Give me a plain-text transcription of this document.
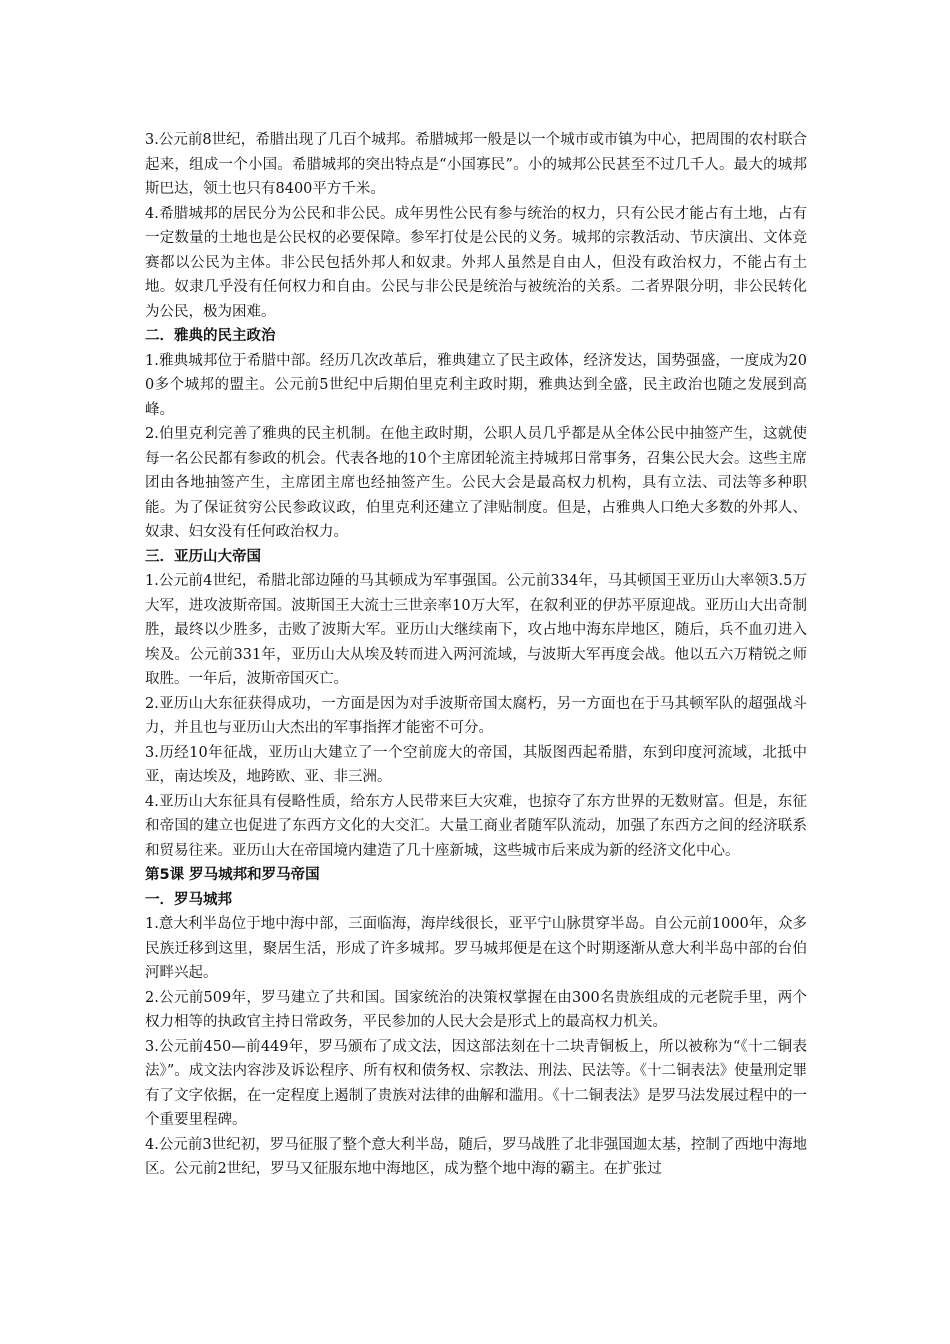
3.公元前8世纪，希腊出现了几百个城邦。希腊城邦一般是以一个城市或市镇为中心，把周围的农村联合起来，组成一个小国。希腊城邦的突出特点是“小国寡民”。小的城邦公民甚至不过几千人。最大的城邦斯巴达，领土也只有8400平方千米。

4.希腊城邦的居民分为公民和非公民。成年男性公民有参与统治的权力，只有公民才能占有土地，占有一定数量的土地也是公民权的必要保障。参军打仗是公民的义务。城邦的宗教活动、节庆演出、文体竞赛都以公民为主体。非公民包括外邦人和奴隶。外邦人虽然是自由人，但没有政治权力，不能占有土地。奴隶几乎没有任何权力和自由。公民与非公民是统治与被统治的关系。二者界限分明，非公民转化为公民，极为困难。

二．雅典的民主政治

1.雅典城邦位于希腊中部。经历几次改革后，雅典建立了民主政体，经济发达，国势强盛，一度成为200多个城邦的盟主。公元前5世纪中后期伯里克利主政时期，雅典达到全盛，民主政治也随之发展到高峰。

2.伯里克利完善了雅典的民主机制。在他主政时期，公职人员几乎都是从全体公民中抽签产生，这就使每一名公民都有参政的机会。代表各地的10个主席团轮流主持城邦日常事务，召集公民大会。这些主席团由各地抽签产生，主席团主席也经抽签产生。公民大会是最高权力机构，具有立法、司法等多种职能。为了保证贫穷公民参政议政，伯里克利还建立了津贴制度。但是，占雅典人口绝大多数的外邦人、奴隶、妇女没有任何政治权力。

三．亚历山大帝国

1.公元前4世纪，希腊北部边陲的马其顿成为军事强国。公元前334年，马其顿国王亚历山大率领3.5万大军，进攻波斯帝国。波斯国王大流士三世亲率10万大军，在叙利亚的伊苏平原迎战。亚历山大出奇制胜，最终以少胜多，击败了波斯大军。亚历山大继续南下，攻占地中海东岸地区，随后，兵不血刃进入埃及。公元前331年，亚历山大从埃及转而进入两河流域，与波斯大军再度会战。他以五六万精锐之师取胜。一年后，波斯帝国灭亡。

2.亚历山大东征获得成功，一方面是因为对手波斯帝国太腐朽，另一方面也在于马其顿军队的超强战斗力，并且也与亚历山大杰出的军事指挥才能密不可分。

3.历经10年征战，亚历山大建立了一个空前庞大的帝国，其版图西起希腊，东到印度河流域，北抵中亚，南达埃及，地跨欧、亚、非三洲。

4.亚历山大东征具有侵略性质，给东方人民带来巨大灾难，也掠夺了东方世界的无数财富。但是，东征和帝国的建立也促进了东西方文化的大交汇。大量工商业者随军队流动，加强了东西方之间的经济联系和贸易往来。亚历山大在帝国境内建造了几十座新城，这些城市后来成为新的经济文化中心。

第5课 罗马城邦和罗马帝国

一．罗马城邦

1.意大利半岛位于地中海中部，三面临海，海岸线很长，亚平宁山脉贯穿半岛。自公元前1000年，众多民族迁移到这里，聚居生活，形成了许多城邦。罗马城邦便是在这个时期逐渐从意大利半岛中部的台伯河畔兴起。

2.公元前509年，罗马建立了共和国。国家统治的决策权掌握在由300名贵族组成的元老院手里，两个权力相等的执政官主持日常政务，平民参加的人民大会是形式上的最高权力机关。

3.公元前450—前449年，罗马颁布了成文法，因这部法刻在十二块青铜板上，所以被称为“《十二铜表法》”。成文法内容涉及诉讼程序、所有权和债务权、宗教法、刑法、民法等。《十二铜表法》使量刑定罪有了文字依据，在一定程度上遏制了贵族对法律的曲解和滥用。《十二铜表法》是罗马法发展过程中的一个重要里程碑。

4.公元前3世纪初，罗马征服了整个意大利半岛，随后，罗马战胜了北非强国迦太基，控制了西地中海地区。公元前2世纪，罗马又征服东地中海地区，成为整个地中海的霸主。在扩张过
